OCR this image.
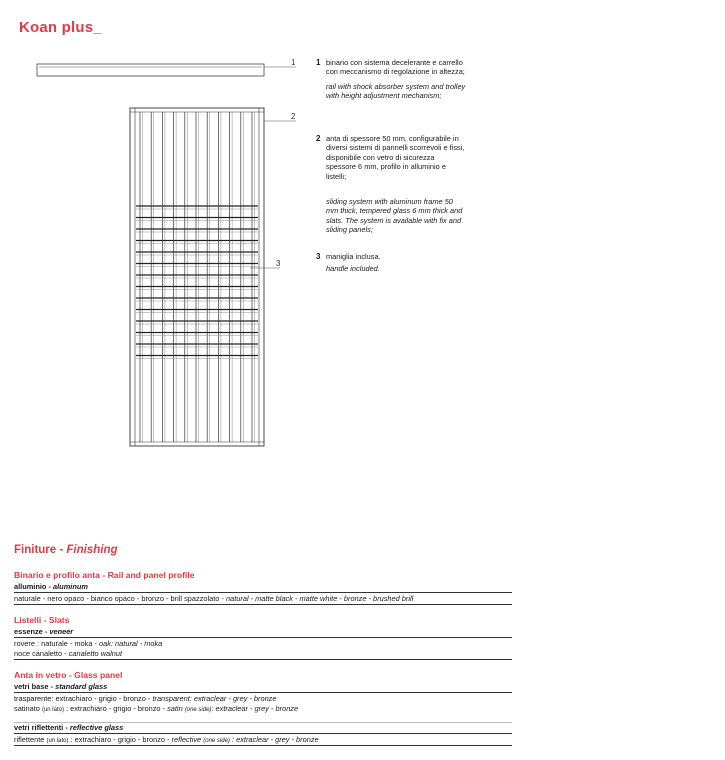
Koan plus_
1
2
3
1 binario con sistema decelerante e carrello con meccanismo di regolazione in altezza;
rail with shock absorber system and trolley with height adjustment mechanism;
2 anta di spessore 50 mm, configurabile in diversi sistemi di pannelli scorrevoli e fissi, disponibile con vetro di sicurezza spessore 6 mm, profilo in alluminio e listelli;
sliding system with aluminum frame 50 mm thick, tempered glass 6 mm thick and slats. The system is available with fix and sliding panels;
3 maniglia inclusa.
handle included.
Finiture - Finishing
Binario e profilo anta - Rail and panel profile
alluminio - aluminum
naturale - nero opaco - bianco opaco - bronzo - brill spazzolato - natural - matte black - matte white - bronze - brushed brill
Listelli - Slats
essenze - veneer
rovere : naturale - moka - oak: natural - moka
noce canaletto - canaletto walnut
Anta in vetro - Glass panel
vetri base - standard glass
trasparente: extrachiaro - grigio - bronzo - transparent: extraclear - grey - bronze
satinato (un lato) : extrachiaro - grigio - bronzo - satin (one side): extraclear - grey - bronze
vetri riflettenti - reflective glass
riflettente (un lato) : extrachiaro - grigio - bronzo - reflective (one side) : extraclear - grey - bronze
